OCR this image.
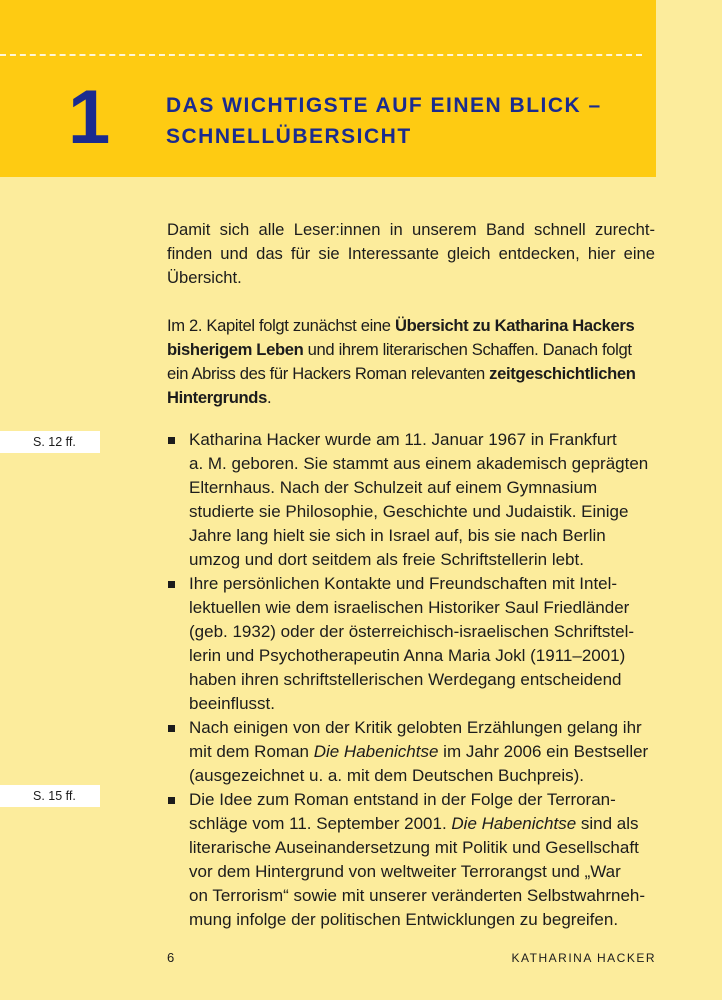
1	DAS WICHTIGSTE AUF EINEN BLICK –
SCHNELLÜBERSICHT
Damit sich alle Leser:innen in unserem Band schnell zurecht-
finden und das für sie Interessante gleich entdecken, hier eine
Übersicht.
Im 2. Kapitel folgt zunächst eine Übersicht zu Katharina Hackers
bisherigem Leben und ihrem literarischen Schaffen. Danach folgt
ein Abriss des für Hackers Roman relevanten zeitgeschichtlichen
Hintergrunds.
S. 12 ff.
S. 15 ff.
Katharina Hacker wurde am 11. Januar 1967 in Frankfurt
a. M. geboren. Sie stammt aus einem akademisch geprägten
Elternhaus. Nach der Schulzeit auf einem Gymnasium
studierte sie Philosophie, Geschichte und Judaistik. Einige
Jahre lang hielt sie sich in Israel auf, bis sie nach Berlin
umzog und dort seitdem als freie Schriftstellerin lebt.
Ihre persönlichen Kontakte und Freundschaften mit Intel-
lektuellen wie dem israelischen Historiker Saul Friedländer
(geb. 1932) oder der österreichisch-israelischen Schriftstel-
lerin und Psychotherapeutin Anna Maria Jokl (1911–2001)
haben ihren schriftstellerischen Werdegang entscheidend
beeinflusst.
Nach einigen von der Kritik gelobten Erzählungen gelang ihr
mit dem Roman Die Habenichtse im Jahr 2006 ein Bestseller
(ausgezeichnet u. a. mit dem Deutschen Buchpreis).
Die Idee zum Roman entstand in der Folge der Terroran-
schläge vom 11. September 2001. Die Habenichtse sind als
literarische Auseinandersetzung mit Politik und Gesellschaft
vor dem Hintergrund von weltweiter Terrorangst und „War
on Terrorism“ sowie mit unserer veränderten Selbstwahrneh-
mung infolge der politischen Entwicklungen zu begreifen.
6	KATHARINA HACKER
